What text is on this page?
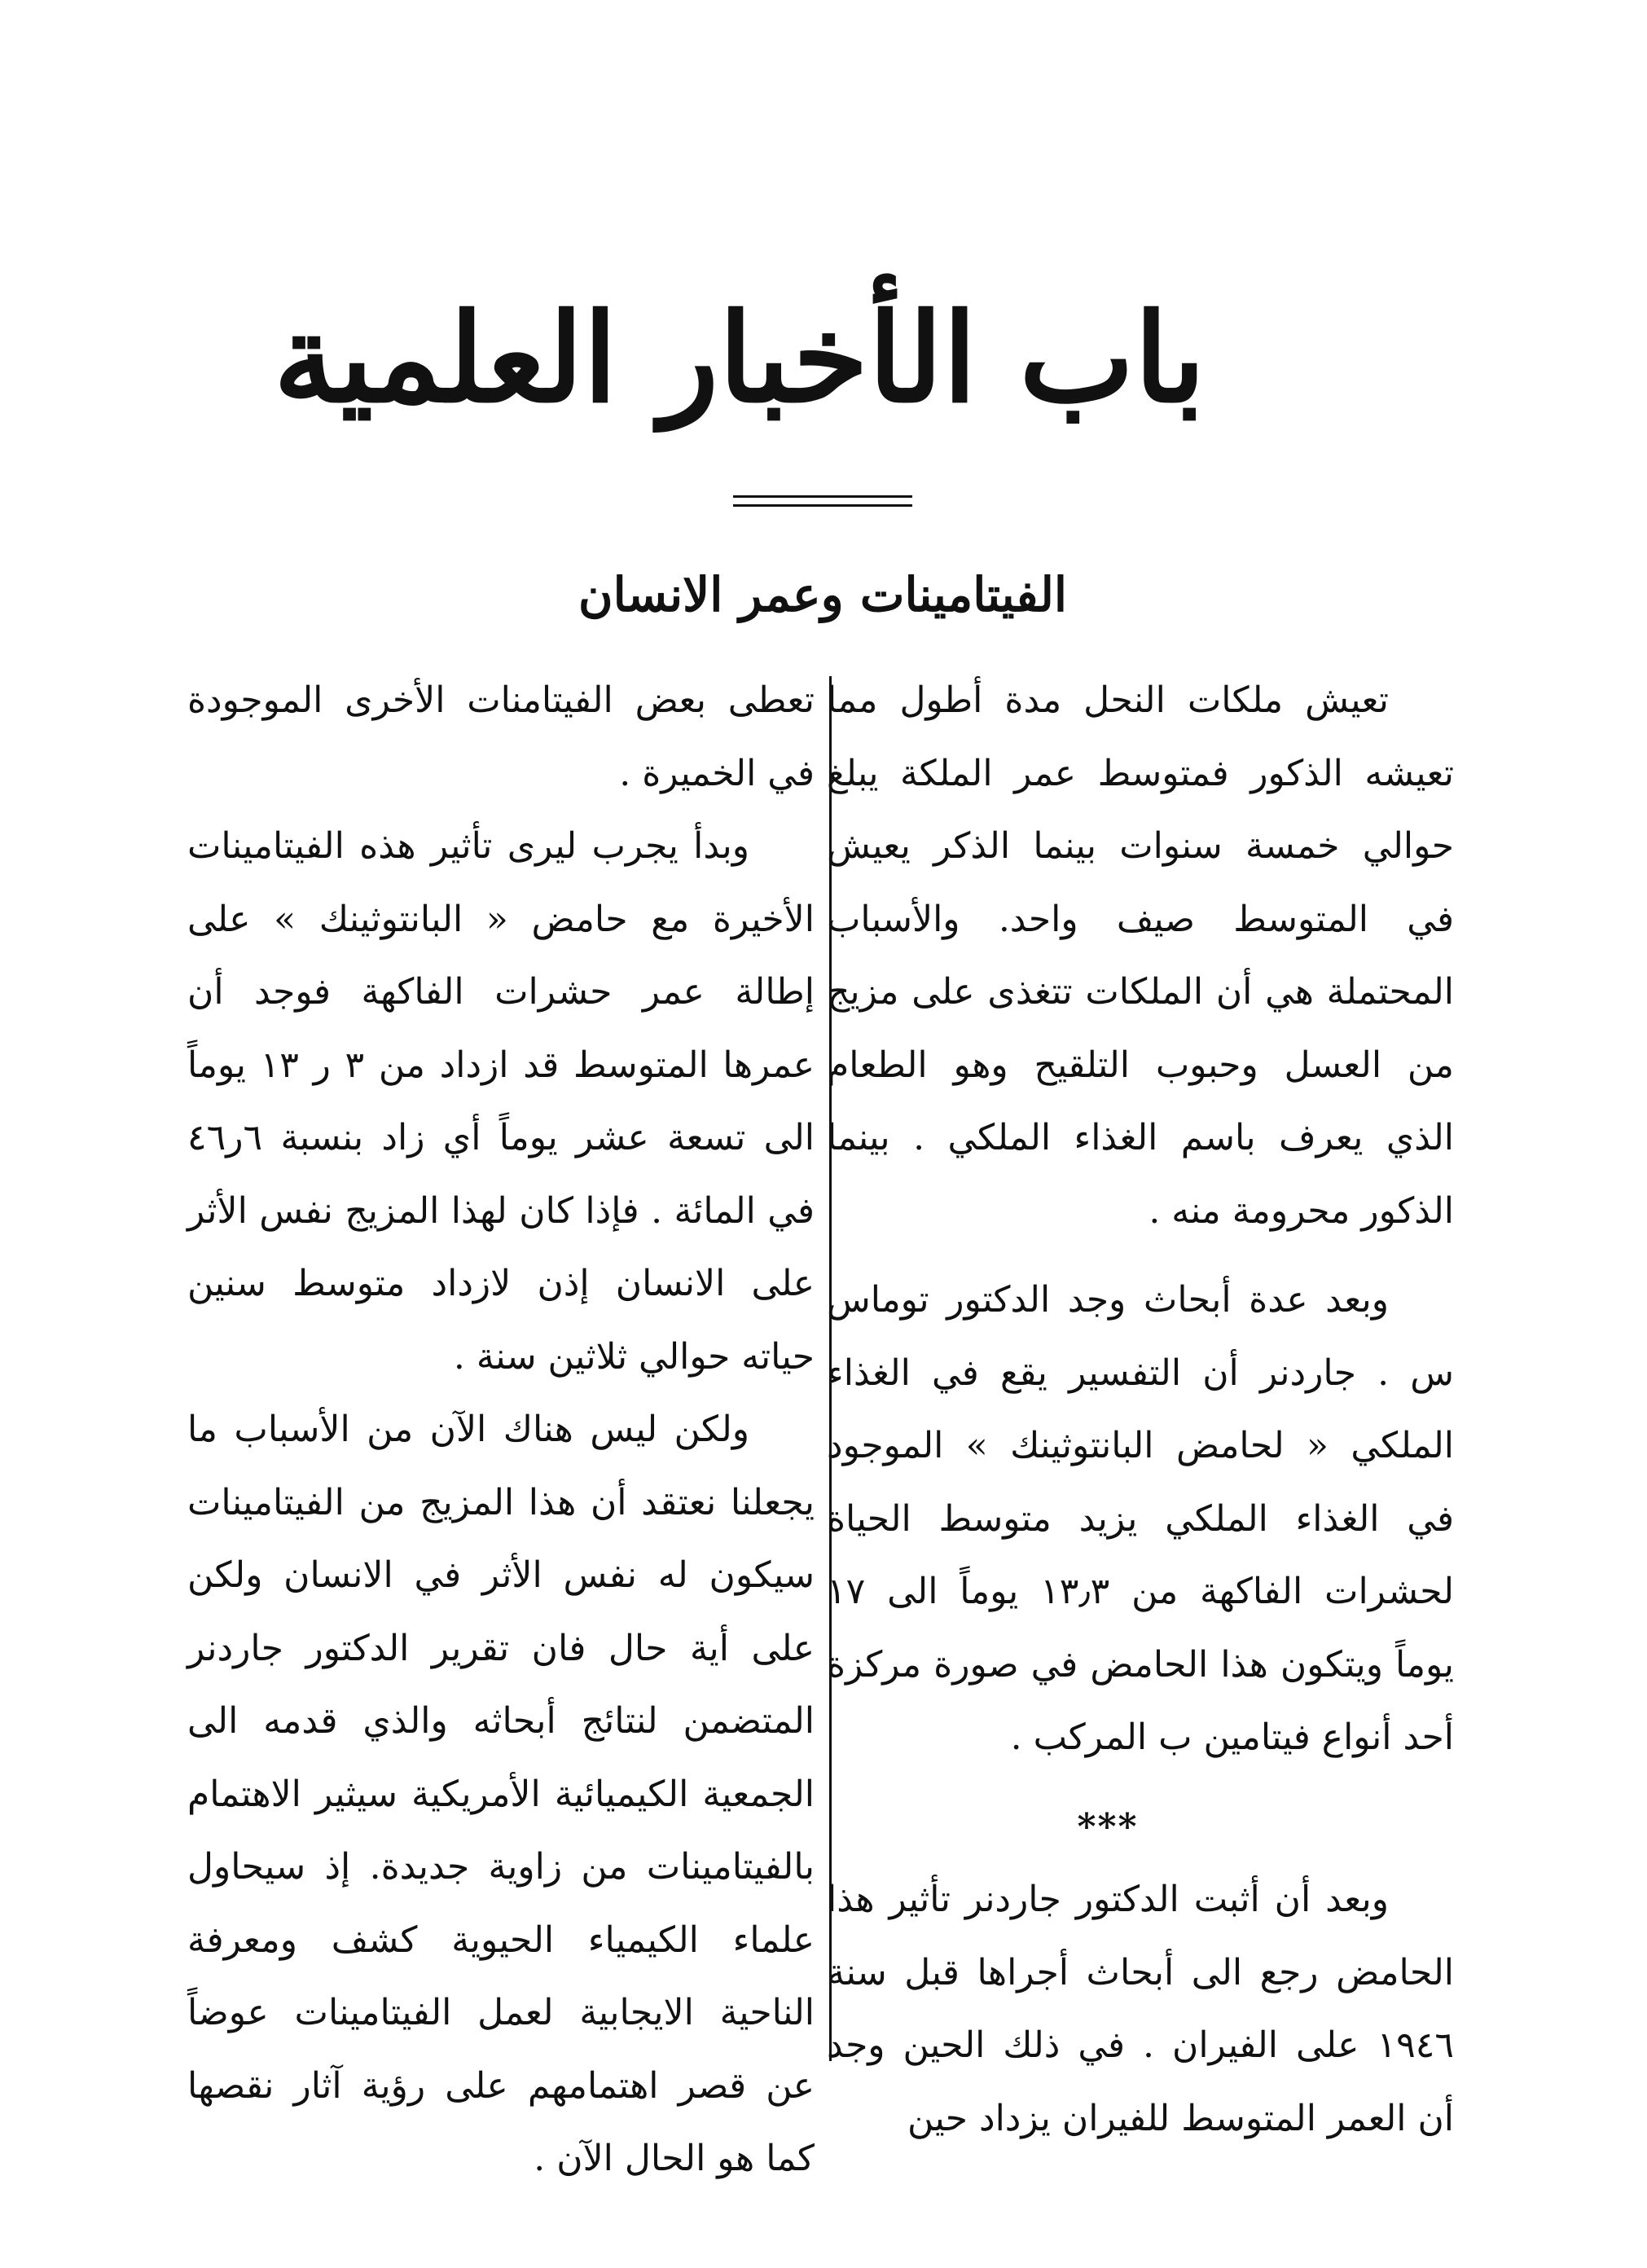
باب الأخبار العلمية
الفيتامينات وعمر الانسان

تعيش ملكات النحل مدة أطول مما تعيشه الذكور فمتوسط عمر الملكة يبلغ حوالي خمسة سنوات بينما الذكر يعيش في المتوسط صيف واحد. والأسباب المحتملة هي أن الملكات تتغذى على مزيج من العسل وحبوب التلقيح وهو الطعام الذي يعرف باسم الغذاء الملكي . بينما الذكور محرومة منه .

وبعد عدة أبحاث وجد الدكتور توماس س . جاردنر أن التفسير يقع في الغذاء الملكي « لحامض البانتوثينك » الموجود في الغذاء الملكي يزيد متوسط الحياة لحشرات الفاكهة من ١٣٫٣ يوماً الى ١٧ يوماً ويتكون هذا الحامض في صورة مركزة أحد أنواع فيتامين ب المركب .

***

وبعد أن أثبت الدكتور جاردنر تأثير هذا الحامض رجع الى أبحاث أجراها قبل سنة ١٩٤٦ على الفيران . في ذلك الحين وجد أن العمر المتوسط للفيران يزداد حين

تعطى بعض الفيتامنات الأخرى الموجودة في الخميرة .

وبدأ يجرب ليرى تأثير هذه الفيتامينات الأخيرة مع حامض « البانتوثينك » على إطالة عمر حشرات الفاكهة فوجد أن عمرها المتوسط قد ازداد من ٣ ر ١٣ يوماً الى تسعة عشر يوماً أي زاد بنسبة ٦ر٤٦ في المائة . فإذا كان لهذا المزيج نفس الأثر على الانسان إذن لازداد متوسط سنين حياته حوالي ثلاثين سنة .

ولكن ليس هناك الآن من الأسباب ما يجعلنا نعتقد أن هذا المزيج من الفيتامينات سيكون له نفس الأثر في الانسان ولكن على أية حال فان تقرير الدكتور جاردنر المتضمن لنتائج أبحاثه والذي قدمه الى الجمعية الكيميائية الأمريكية سيثير الاهتمام بالفيتامينات من زاوية جديدة. إذ سيحاول علماء الكيمياء الحيوية كشف ومعرفة الناحية الايجابية لعمل الفيتامينات عوضاً عن قصر اهتمامهم على رؤية آثار نقصها كما هو الحال الآن .
